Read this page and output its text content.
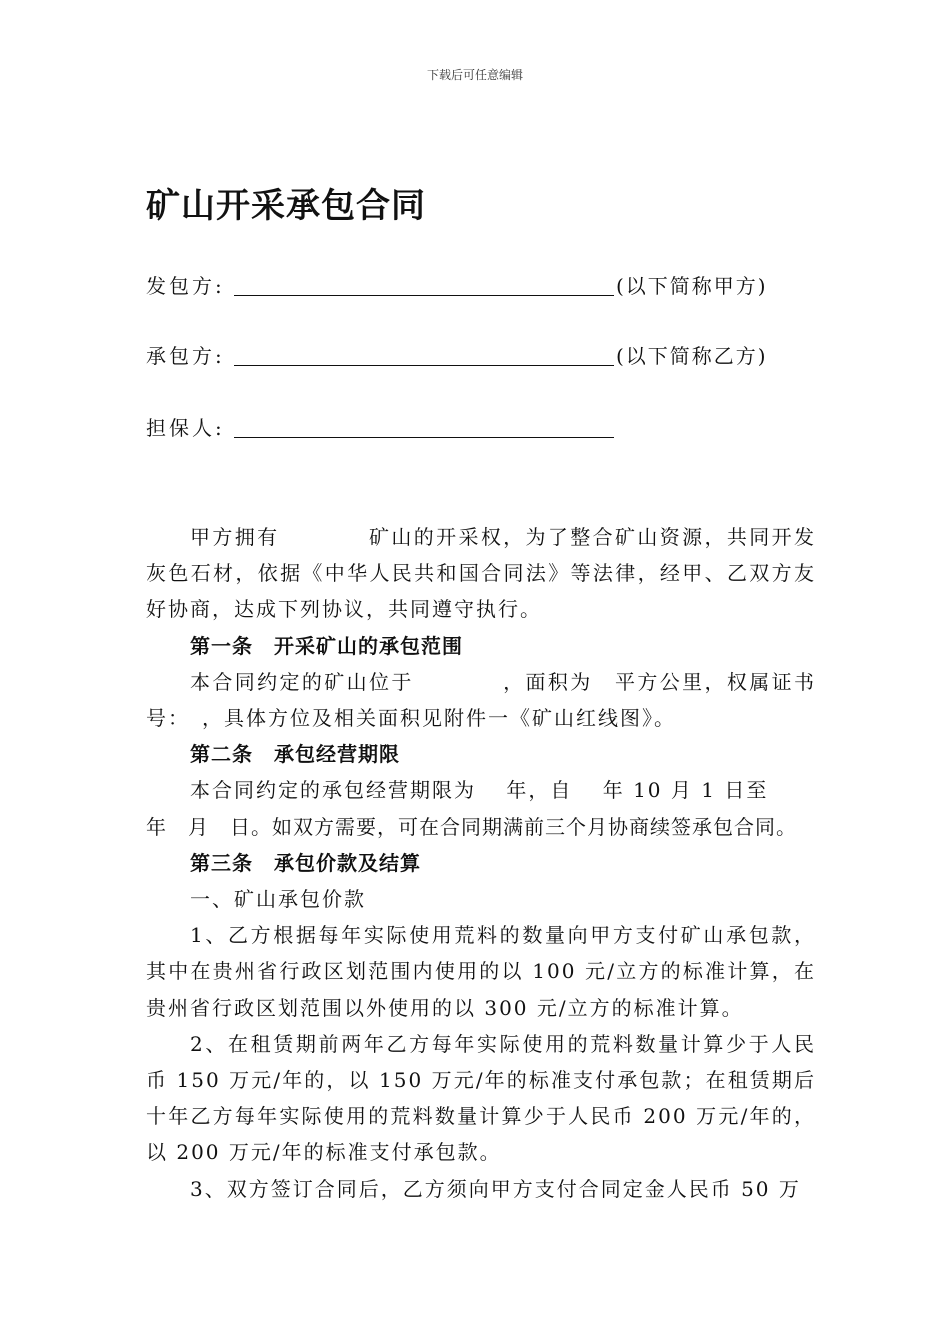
下载后可任意编辑
矿山开采承包合同
发包方:	(以下简称甲方)
承包方:	(以下简称乙方)
担保人:

甲方拥有　　　　矿山的开采权，为了整合矿山资源，共同开发灰色石材，依据《中华人民共和国合同法》等法律，经甲、乙双方友好协商，达成下列协议，共同遵守执行。

第一条　开采矿山的承包范围

本合同约定的矿山位于　　　　，面积为　平方公里，权属证书号：　，具体方位及相关面积见附件一《矿山红线图》。

第二条　承包经营期限

本合同约定的承包经营期限为　 年，自　 年 10 月 1 日至

年　月　日。如双方需要，可在合同期满前三个月协商续签承包合同。

第三条　承包价款及结算

一、矿山承包价款

1、乙方根据每年实际使用荒料的数量向甲方支付矿山承包款，其中在贵州省行政区划范围内使用的以 100 元/立方的标准计算，在贵州省行政区划范围以外使用的以 300 元/立方的标准计算。

2、在租赁期前两年乙方每年实际使用的荒料数量计算少于人民币 150 万元/年的，以 150 万元/年的标准支付承包款；在租赁期后十年乙方每年实际使用的荒料数量计算少于人民币 200 万元/年的，以 200 万元/年的标准支付承包款。

3、双方签订合同后，乙方须向甲方支付合同定金人民币 50 万
